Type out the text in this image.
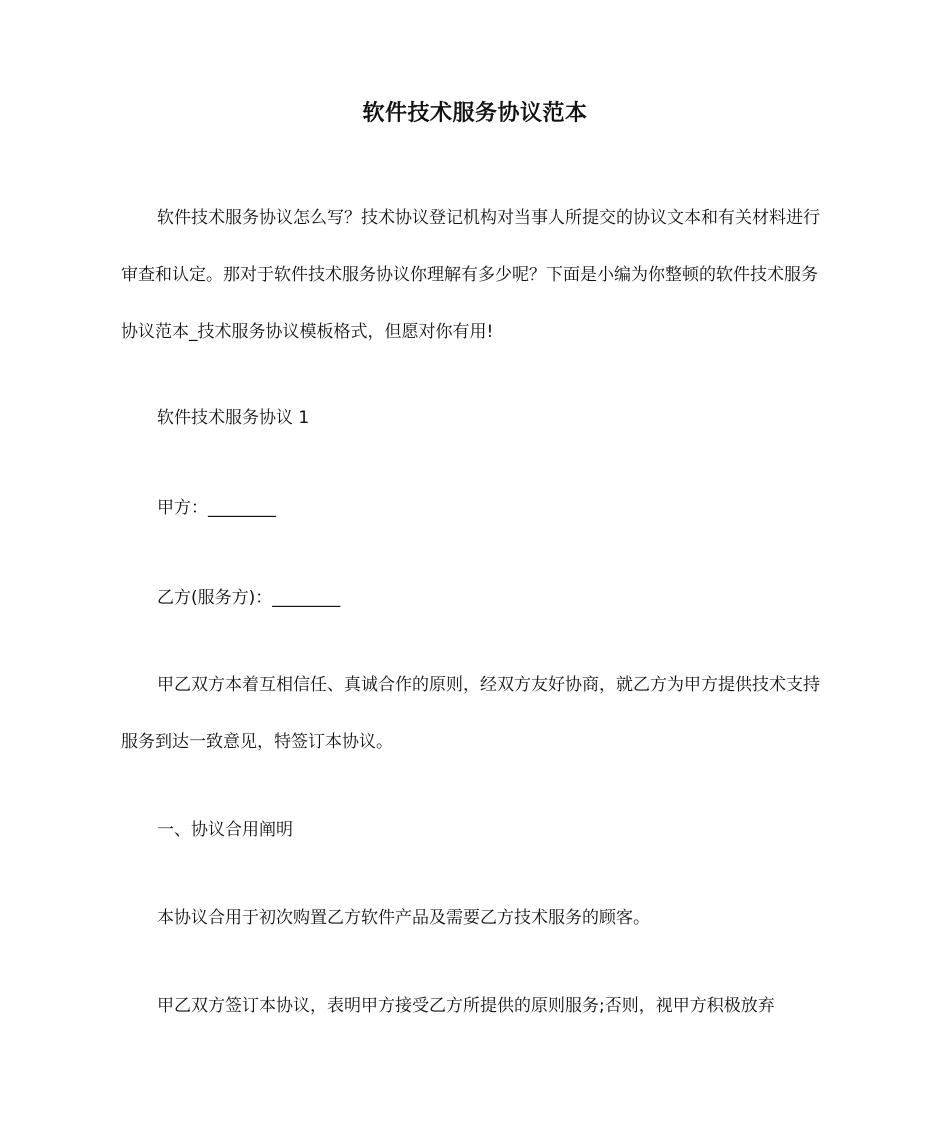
软件技术服务协议范本

软件技术服务协议怎么写？技术协议登记机构对当事人所提交的协议文本和有关材料进行审查和认定。那对于软件技术服务协议你理解有多少呢？下面是小编为你整顿的软件技术服务协议范本_技术服务协议模板格式，但愿对你有用!

软件技术服务协议 1
甲方：________
乙方(服务方)：________

甲乙双方本着互相信任、真诚合作的原则，经双方友好协商，就乙方为甲方提供技术支持服务到达一致意见，特签订本协议。

一、协议合用阐明
本协议合用于初次购置乙方软件产品及需要乙方技术服务的顾客。
甲乙双方签订本协议，表明甲方接受乙方所提供的原则服务;否则，视甲方积极放弃
